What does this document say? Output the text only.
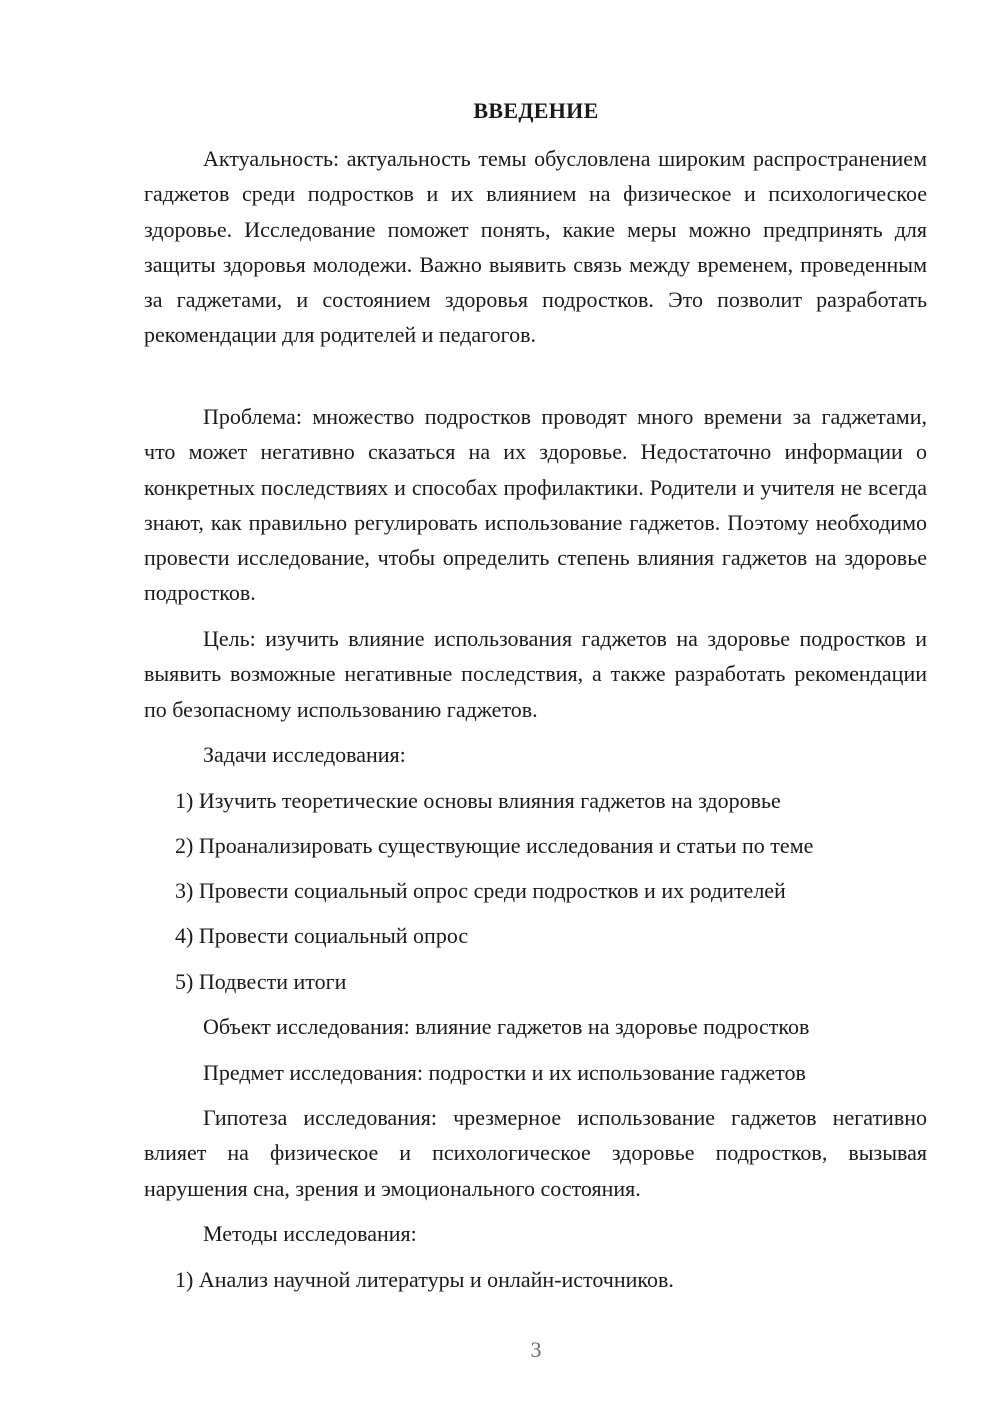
ВВЕДЕНИЕ

Актуальность: актуальность темы обусловлена широким распространением гаджетов среди подростков и их влиянием на физическое и психологическое здоровье. Исследование поможет понять, какие меры можно предпринять для защиты здоровья молодежи. Важно выявить связь между временем, проведенным за гаджетами, и состоянием здоровья подростков. Это позволит разработать рекомендации для родителей и педагогов.

Проблема: множество подростков проводят много времени за гаджетами, что может негативно сказаться на их здоровье. Недостаточно информации о конкретных последствиях и способах профилактики. Родители и учителя не всегда знают, как правильно регулировать использование гаджетов. Поэтому необходимо провести исследование, чтобы определить степень влияния гаджетов на здоровье подростков.

Цель: изучить влияние использования гаджетов на здоровье подростков и выявить возможные негативные последствия, а также разработать рекомендации по безопасному использованию гаджетов.

Задачи исследования:

1) Изучить теоретические основы влияния гаджетов на здоровье

2) Проанализировать существующие исследования и статьи по теме

3) Провести социальный опрос среди подростков и их родителей

4) Провести социальный опрос

5) Подвести итоги

Объект исследования: влияние гаджетов на здоровье подростков

Предмет исследования: подростки и их использование гаджетов

Гипотеза исследования: чрезмерное использование гаджетов негативно влияет на физическое и психологическое здоровье подростков, вызывая нарушения сна, зрения и эмоционального состояния.

Методы исследования:

1) Анализ научной литературы и онлайн-источников.

3
